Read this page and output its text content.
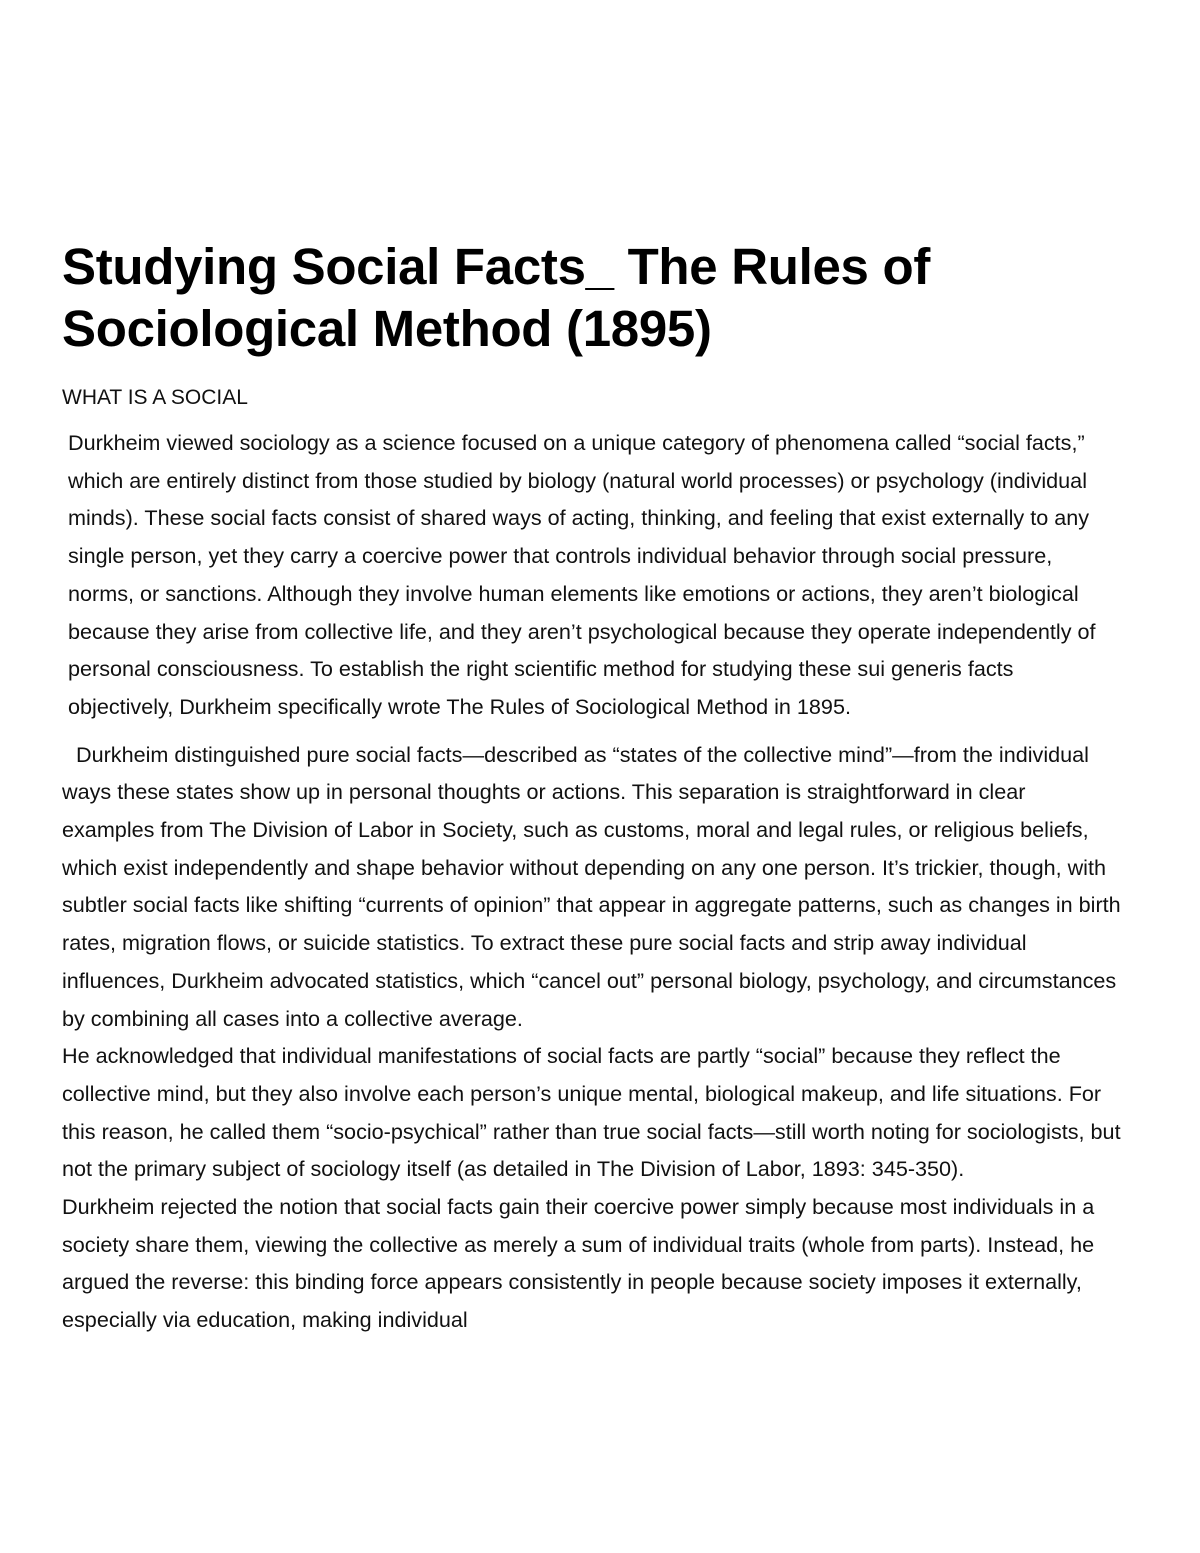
Studying Social Facts_ The Rules of Sociological Method (1895)
WHAT IS A SOCIAL

Durkheim viewed sociology as a science focused on a unique category of phenomena called “social facts,” which are entirely distinct from those studied by biology (natural world processes) or psychology (individual minds). These social facts consist of shared ways of acting, thinking, and feeling that exist externally to any single person, yet they carry a coercive power that controls individual behavior through social pressure, norms, or sanctions. Although they involve human elements like emotions or actions, they aren’t biological because they arise from collective life, and they aren’t psychological because they operate independently of personal consciousness. To establish the right scientific method for studying these sui generis facts objectively, Durkheim specifically wrote The Rules of Sociological Method in 1895.

Durkheim distinguished pure social facts—described as “states of the collective mind”—from the individual ways these states show up in personal thoughts or actions. This separation is straightforward in clear examples from The Division of Labor in Society, such as customs, moral and legal rules, or religious beliefs, which exist independently and shape behavior without depending on any one person. It’s trickier, though, with subtler social facts like shifting “currents of opinion” that appear in aggregate patterns, such as changes in birth rates, migration flows, or suicide statistics. To extract these pure social facts and strip away individual influences, Durkheim advocated statistics, which “cancel out” personal biology, psychology, and circumstances by combining all cases into a collective average.

He acknowledged that individual manifestations of social facts are partly “social” because they reflect the collective mind, but they also involve each person’s unique mental, biological makeup, and life situations. For this reason, he called them “socio-psychical” rather than true social facts—still worth noting for sociologists, but not the primary subject of sociology itself (as detailed in The Division of Labor, 1893: 345-350).

Durkheim rejected the notion that social facts gain their coercive power simply because most individuals in a society share them, viewing the collective as merely a sum of individual traits (whole from parts). Instead, he argued the reverse: this binding force appears consistently in people because society imposes it externally, especially via education, making individual
